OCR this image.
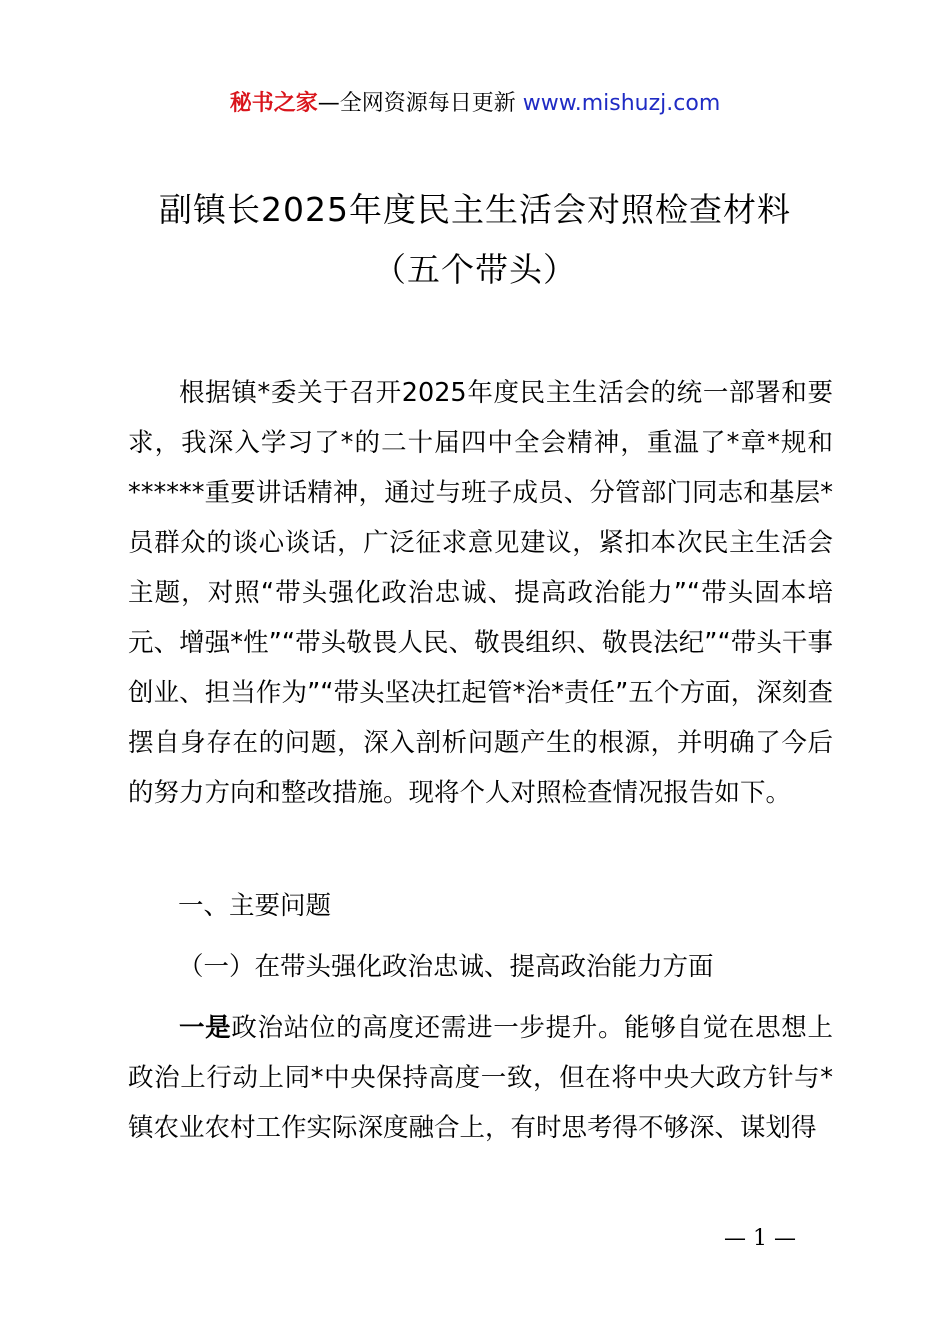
秘书之家—全网资源每日更新 www.mishuzj.com
副镇长2025年度民主生活会对照检查材料
（五个带头）

根据镇*委关于召开2025年度民主生活会的统一部署和要求，我深入学习了*的二十届四中全会精神，重温了*章*规和******重要讲话精神，通过与班子成员、分管部门同志和基层*员群众的谈心谈话，广泛征求意见建议，紧扣本次民主生活会主题，对照“带头强化政治忠诚、提高政治能力”“带头固本培元、增强*性”“带头敬畏人民、敬畏组织、敬畏法纪”“带头干事创业、担当作为”“带头坚决扛起管*治*责任”五个方面，深刻查摆自身存在的问题，深入剖析问题产生的根源，并明确了今后的努力方向和整改措施。现将个人对照检查情况报告如下。

一、主要问题
（一）在带头强化政治忠诚、提高政治能力方面

一是政治站位的高度还需进一步提升。能够自觉在思想上政治上行动上同*中央保持高度一致，但在将中央大政方针与*镇农业农村工作实际深度融合上，有时思考得不够深、谋划得

— 1 —
